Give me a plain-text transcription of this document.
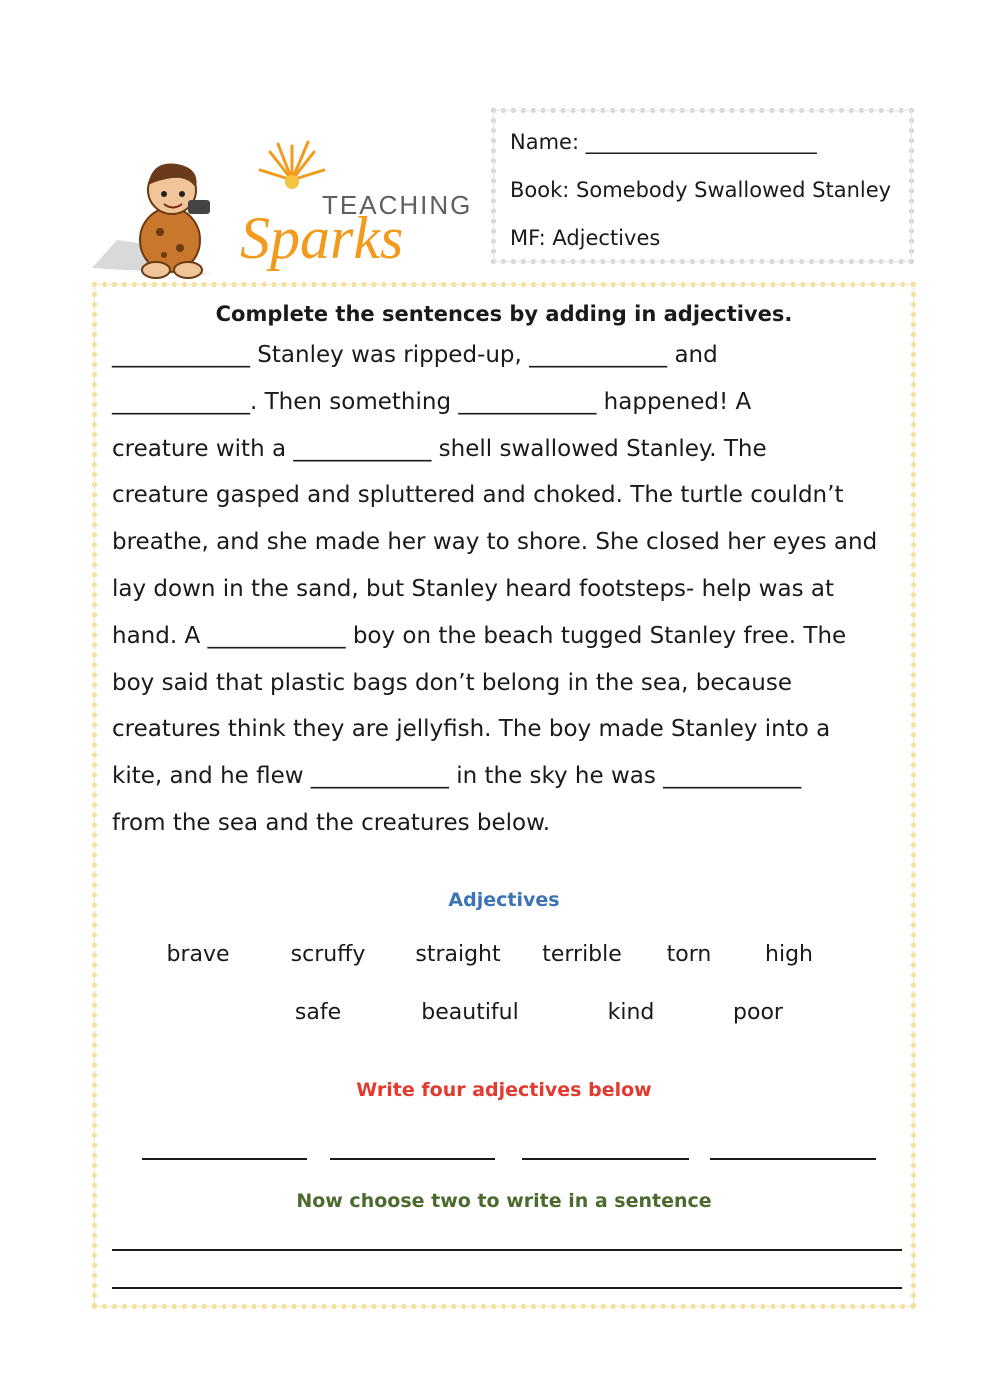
TEACHING
Sparks
Name: ______________________
Book: Somebody Swallowed Stanley
MF: Adjectives
Complete the sentences by adding in adjectives.
____________ Stanley was ripped-up, ____________ and
____________. Then something ____________ happened! A
creature with a ____________ shell swallowed Stanley. The
creature gasped and spluttered and choked. The turtle couldn’t
breathe, and she made her way to shore. She closed her eyes and
lay down in the sand, but Stanley heard footsteps- help was at
hand. A ____________ boy on the beach tugged Stanley free. The
boy said that plastic bags don’t belong in the sea, because
creatures think they are jellyfish. The boy made Stanley into a
kite, and he flew ____________ in the sky he was ____________
from the sea and the creatures below.
Adjectives
brave	scruffy straight terrible torn high
safe	beautiful	kind	poor
Write four adjectives below
Now choose two to write in a sentence
